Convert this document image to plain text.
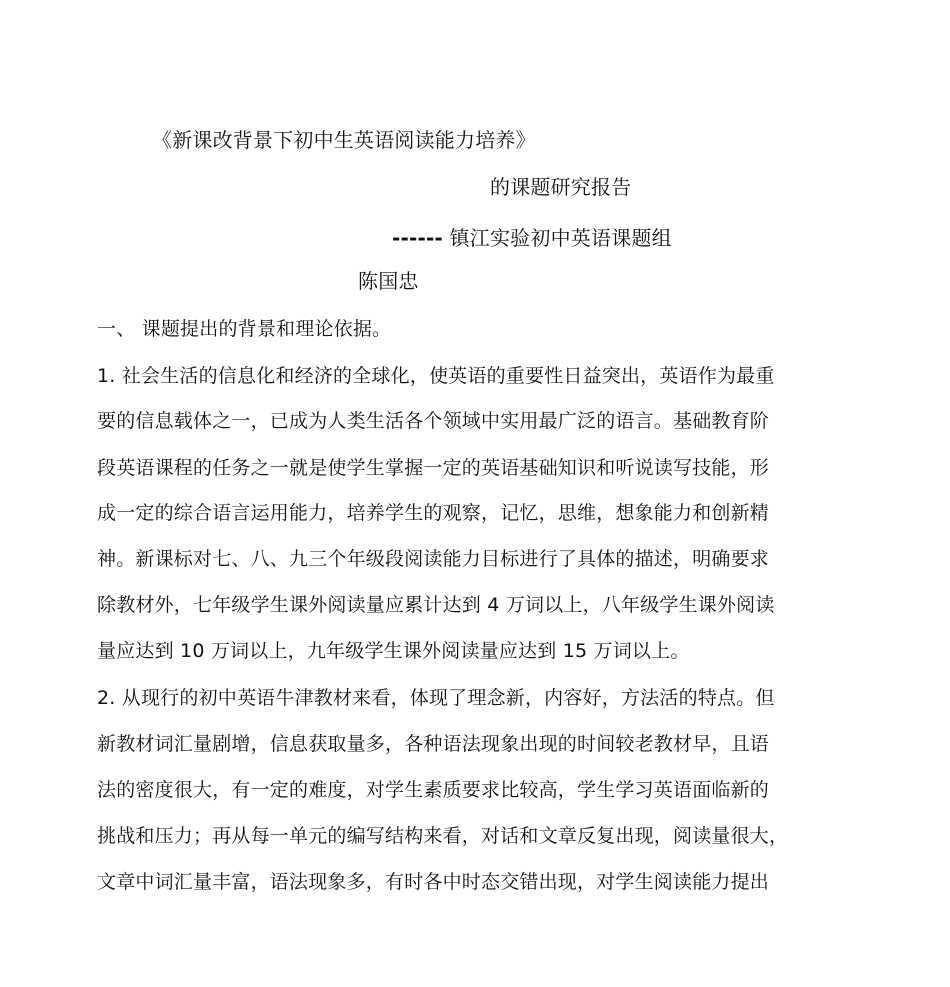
《新课改背景下初中生英语阅读能力培养》
的课题研究报告
------ 镇江实验初中英语课题组
陈国忠
一、 课题提出的背景和理论依据。
1. 社会生活的信息化和经济的全球化，使英语的重要性日益突出，英语作为最重
要的信息载体之一，已成为人类生活各个领域中实用最广泛的语言。基础教育阶
段英语课程的任务之一就是使学生掌握一定的英语基础知识和听说读写技能，形
成一定的综合语言运用能力，培养学生的观察，记忆，思维，想象能力和创新精
神。新课标对七、八、九三个年级段阅读能力目标进行了具体的描述，明确要求
除教材外，七年级学生课外阅读量应累计达到 4 万词以上，八年级学生课外阅读
量应达到 10 万词以上，九年级学生课外阅读量应达到 15 万词以上。
2. 从现行的初中英语牛津教材来看，体现了理念新，内容好，方法活的特点。但
新教材词汇量剧增，信息获取量多，各种语法现象出现的时间较老教材早，且语
法的密度很大，有一定的难度，对学生素质要求比较高，学生学习英语面临新的
挑战和压力；再从每一单元的编写结构来看，对话和文章反复出现，阅读量很大，
文章中词汇量丰富，语法现象多，有时各中时态交错出现，对学生阅读能力提出
